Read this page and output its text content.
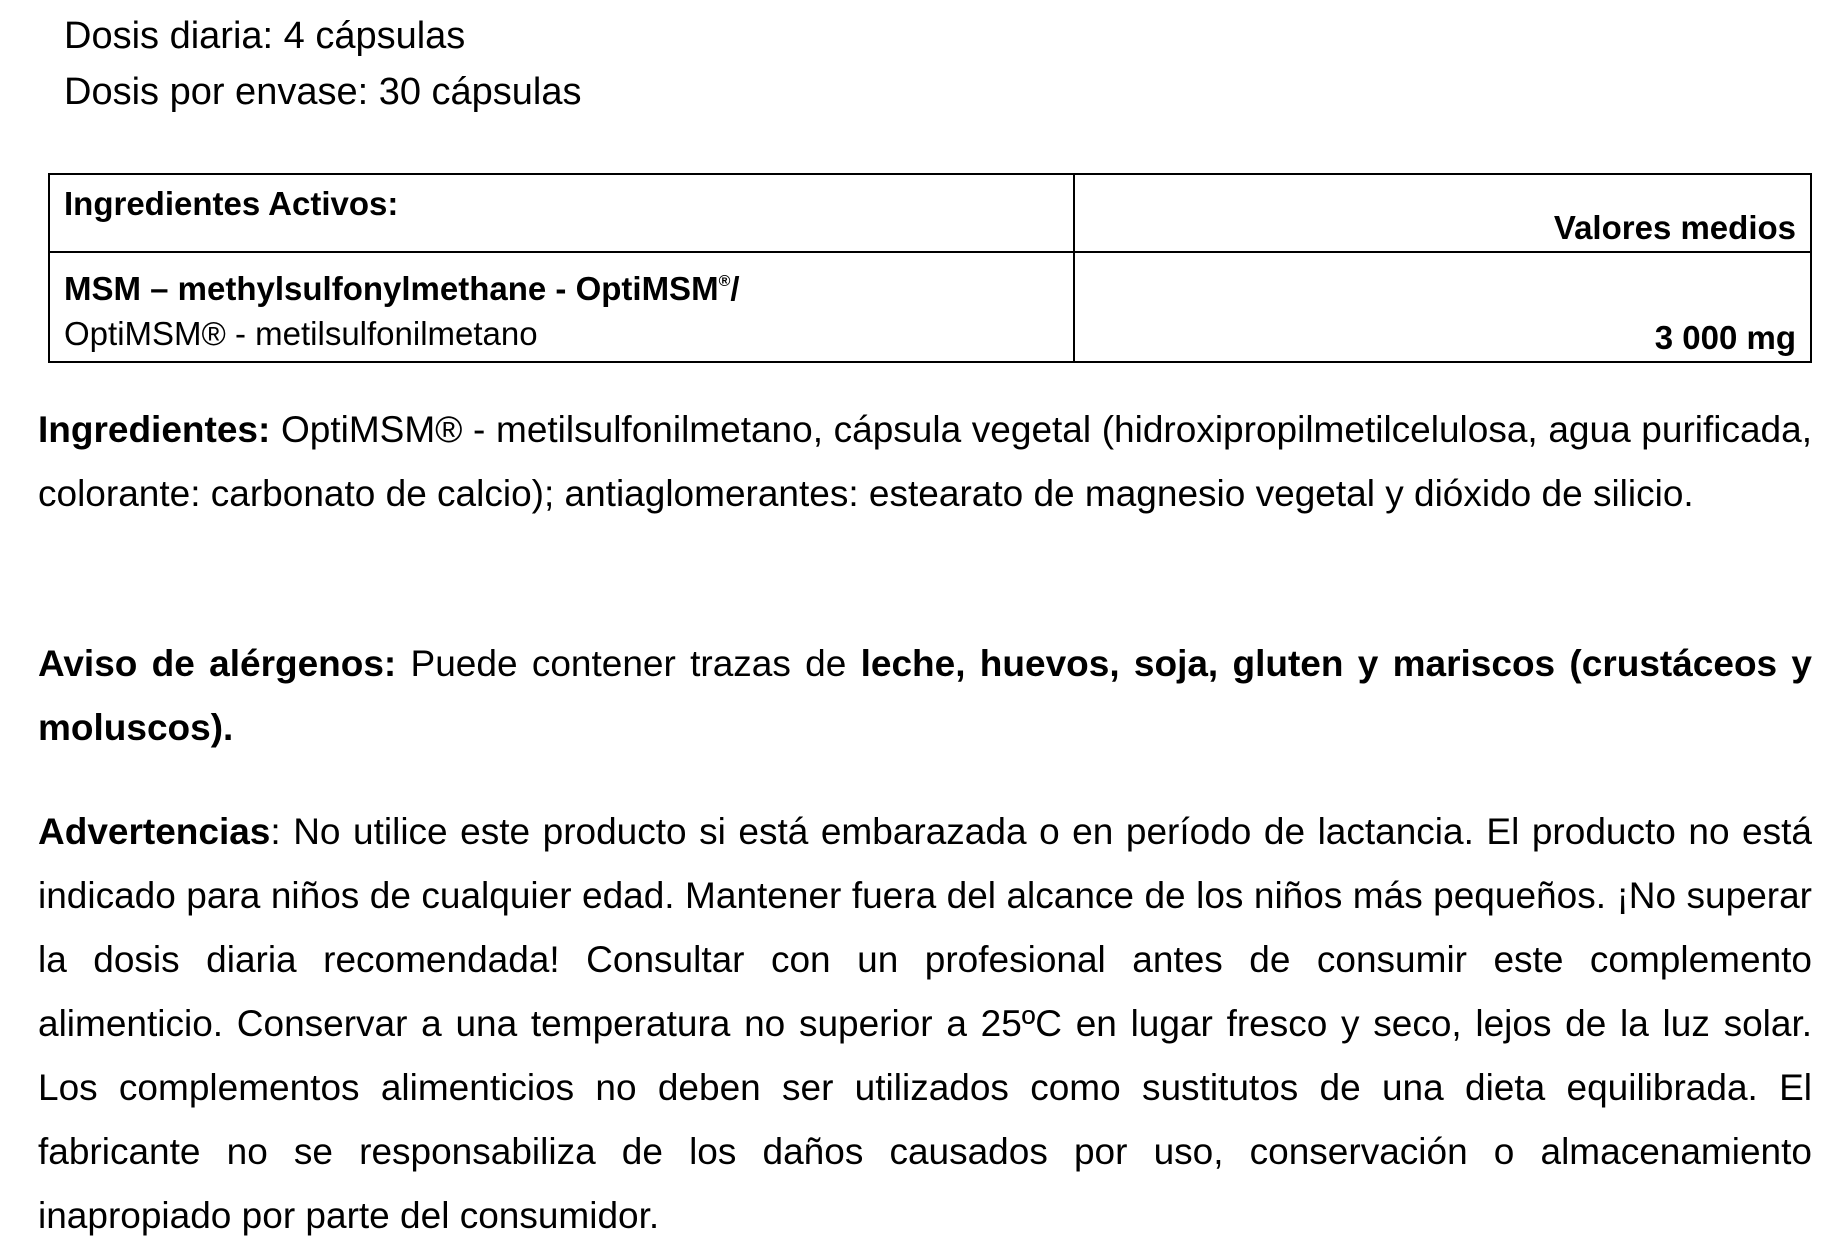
Dosis diaria: 4 cápsulas
Dosis por envase: 30 cápsulas
Ingredientes Activos:	Valores medios

MSM – methylsulfonylmethane - OptiMSM®/
OptiMSM® - metilsulfonilmetano	3 000 mg

Ingredientes: OptiMSM® - metilsulfonilmetano, cápsula vegetal (hidroxipropilmetilcelulosa, agua purificada, colorante: carbonato de calcio); antiaglomerantes: estearato de magnesio vegetal y dióxido de silicio.

Aviso de alérgenos: Puede contener trazas de leche, huevos, soja, gluten y mariscos (crustáceos y moluscos).

Advertencias: No utilice este producto si está embarazada o en período de lactancia. El producto no está indicado para niños de cualquier edad. Mantener fuera del alcance de los niños más pequeños. ¡No superar la dosis diaria recomendada! Consultar con un profesional antes de consumir este complemento alimenticio. Conservar a una temperatura no superior a 25ºC en lugar fresco y seco, lejos de la luz solar. Los complementos alimenticios no deben ser utilizados como sustitutos de una dieta equilibrada. El fabricante no se responsabiliza de los daños causados por uso, conservación o almacenamiento inapropiado por parte del consumidor.
